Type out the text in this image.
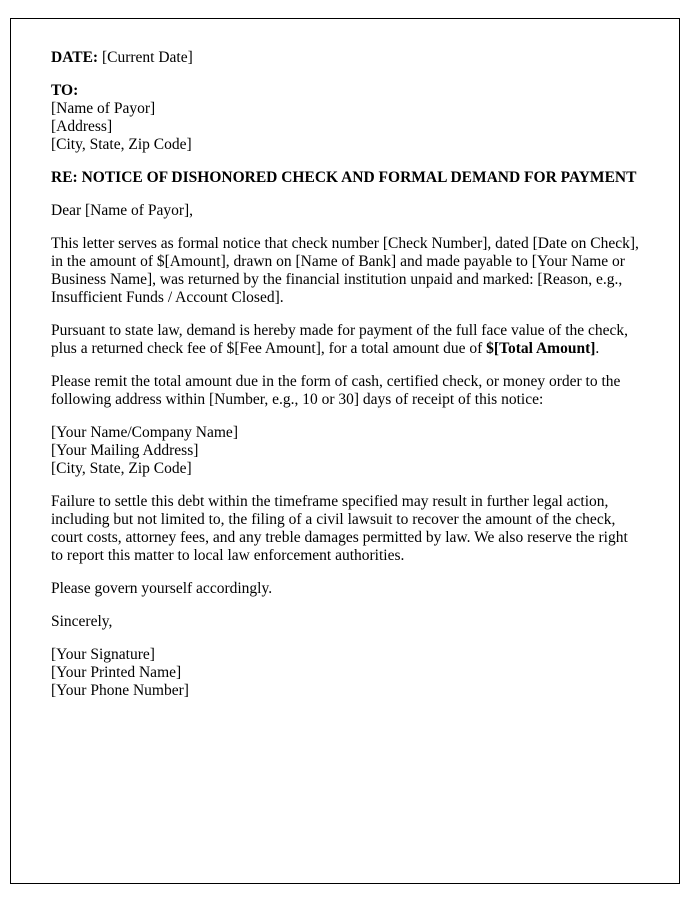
DATE: [Current Date]

TO:
[Name of Payor]
[Address]
[City, State, Zip Code]

RE: NOTICE OF DISHONORED CHECK AND FORMAL DEMAND FOR PAYMENT

Dear [Name of Payor],

This letter serves as formal notice that check number [Check Number], dated [Date on Check], in the amount of $[Amount], drawn on [Name of Bank] and made payable to [Your Name or Business Name], was returned by the financial institution unpaid and marked: [Reason, e.g., Insufficient Funds / Account Closed].

Pursuant to state law, demand is hereby made for payment of the full face value of the check, plus a returned check fee of $[Fee Amount], for a total amount due of $[Total Amount].

Please remit the total amount due in the form of cash, certified check, or money order to the following address within [Number, e.g., 10 or 30] days of receipt of this notice:

[Your Name/Company Name]
[Your Mailing Address]
[City, State, Zip Code]

Failure to settle this debt within the timeframe specified may result in further legal action, including but not limited to, the filing of a civil lawsuit to recover the amount of the check, court costs, attorney fees, and any treble damages permitted by law. We also reserve the right to report this matter to local law enforcement authorities.

Please govern yourself accordingly.

Sincerely,

[Your Signature]
[Your Printed Name]
[Your Phone Number]
